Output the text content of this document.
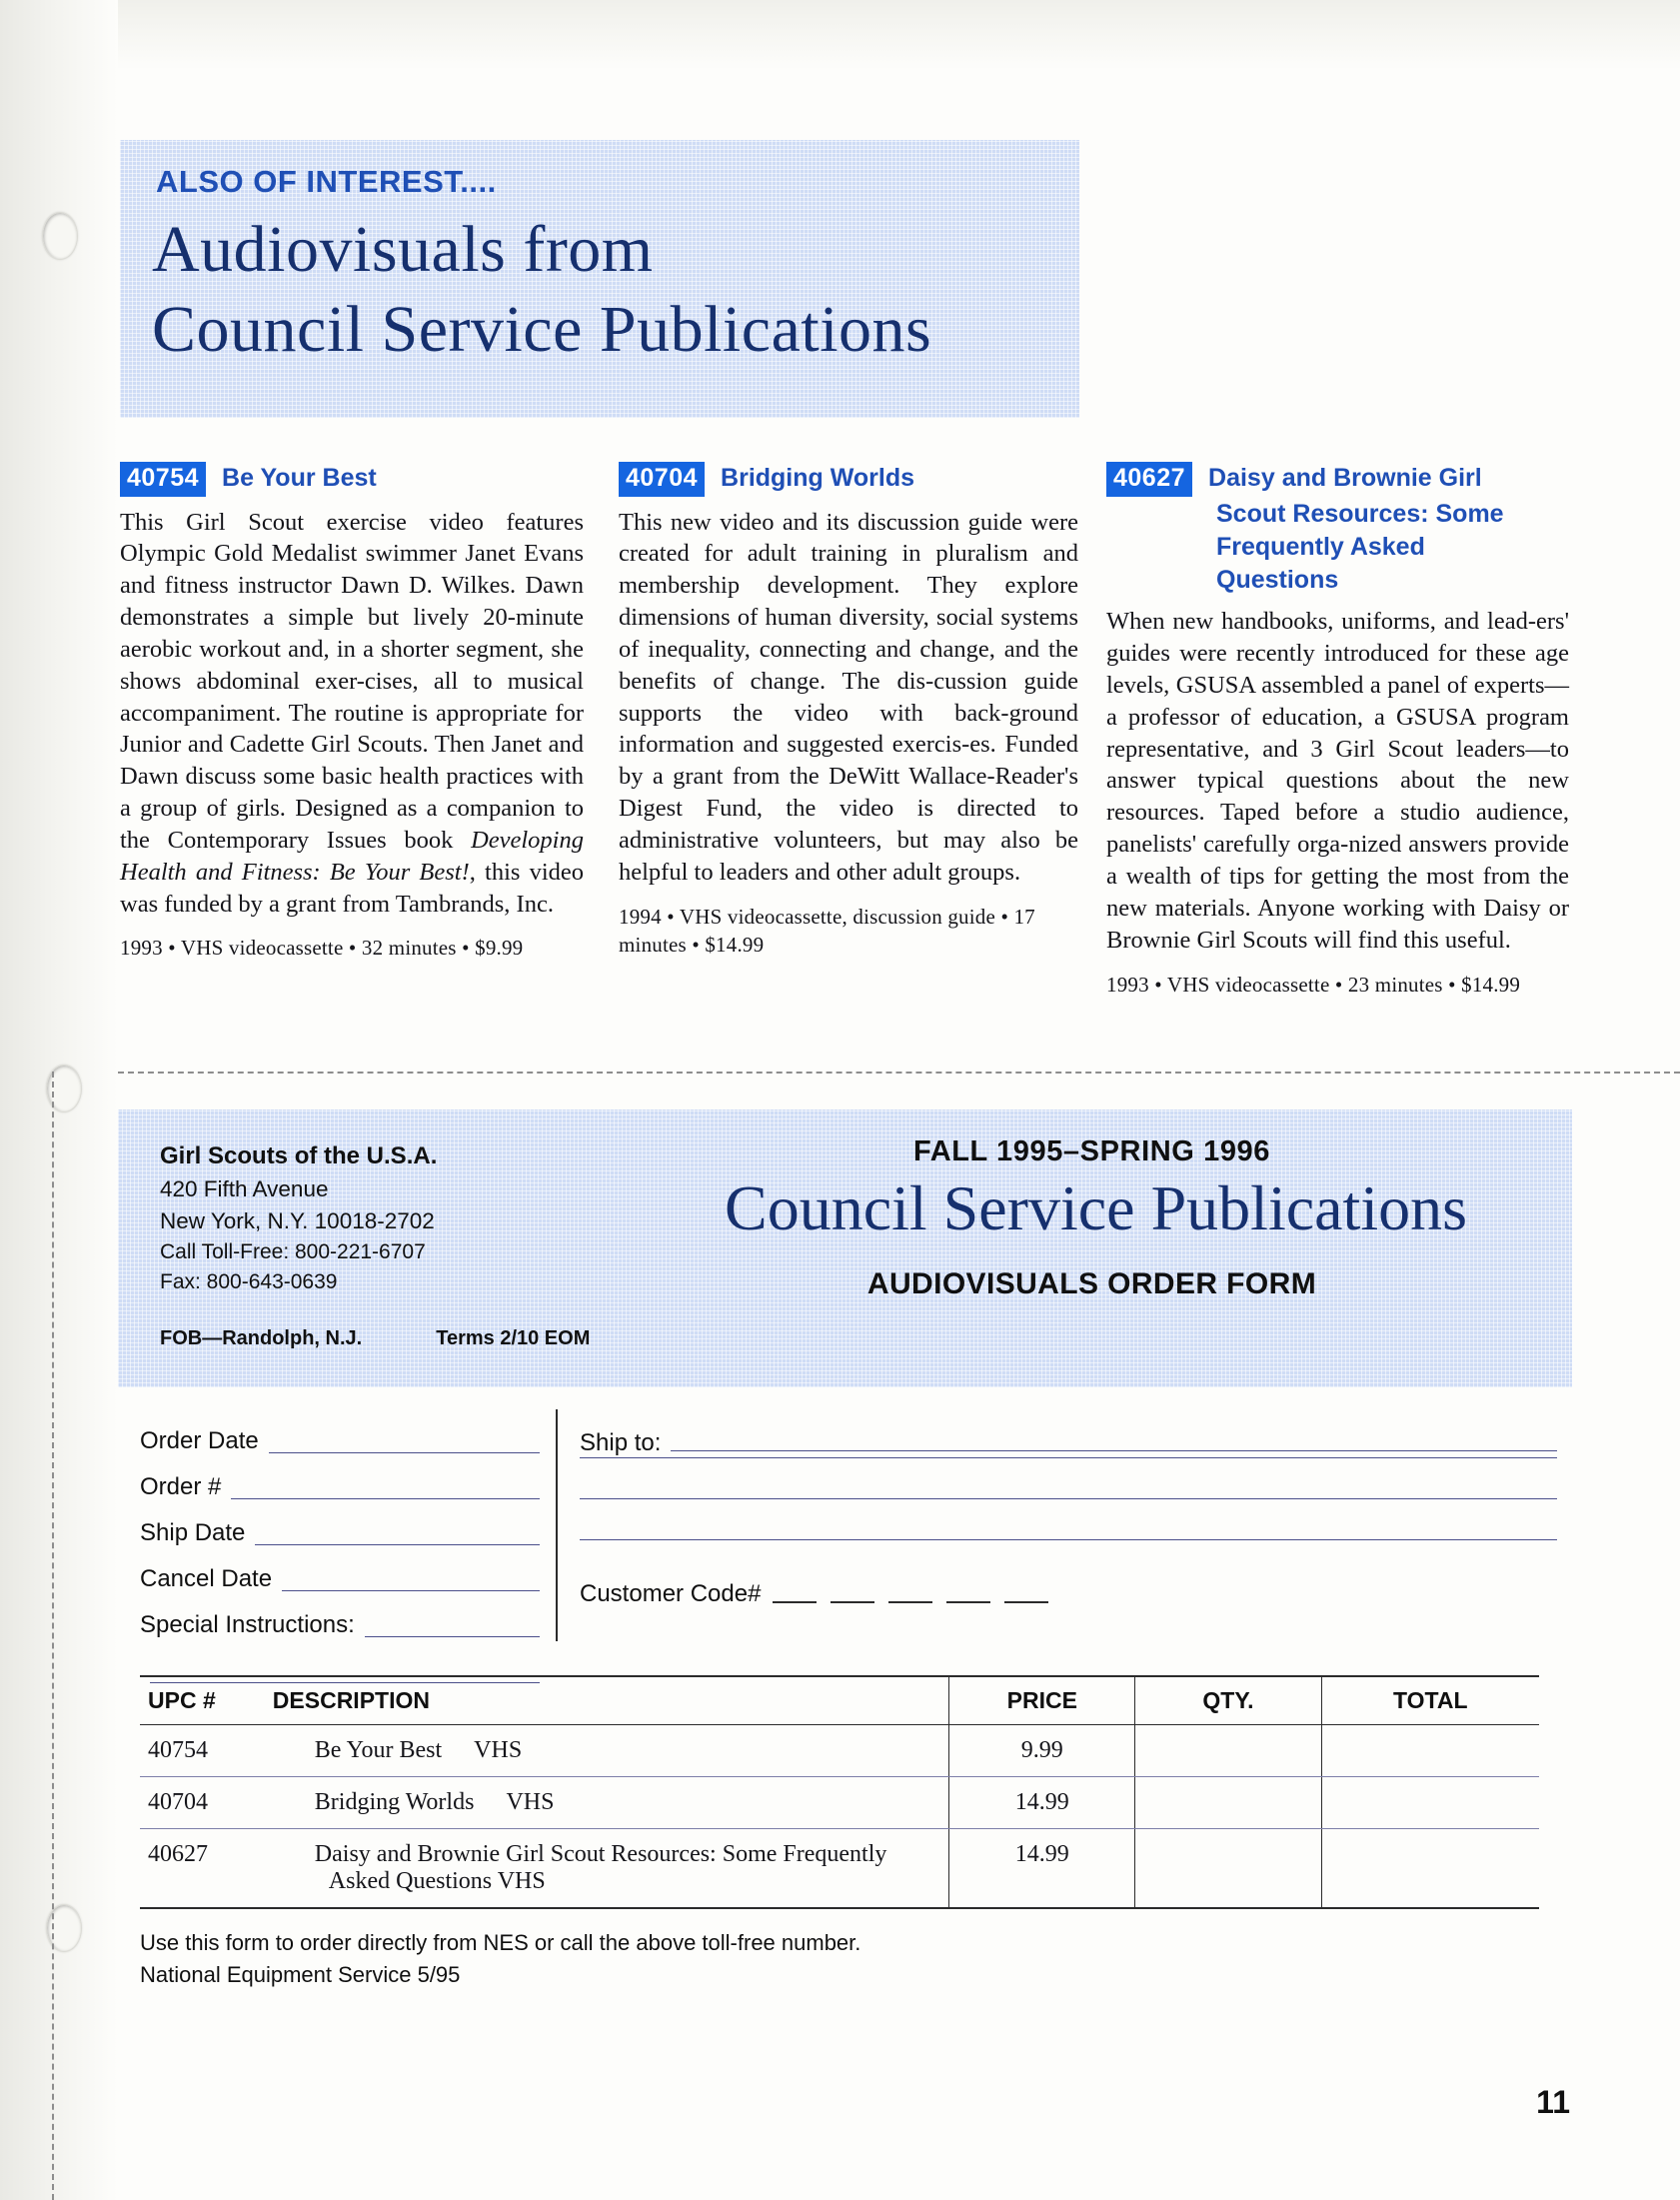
ALSO OF INTEREST....
Audiovisuals from
Council Service Publications
40754 Be Your Best
This Girl Scout exercise video features Olympic Gold Medalist swimmer Janet Evans and fitness instructor Dawn D. Wilkes. Dawn demonstrates a simple but lively 20-minute aerobic workout and, in a shorter segment, she shows abdominal exer-cises, all to musical accompaniment. The routine is appropriate for Junior and Cadette Girl Scouts. Then Janet and Dawn discuss some basic health practices with a group of girls. Designed as a companion to the Contemporary Issues book Developing Health and Fitness: Be Your Best!, this video was funded by a grant from Tambrands, Inc.
1993 • VHS videocassette • 32 minutes • $9.99
40704 Bridging Worlds
This new video and its discussion guide were created for adult training in pluralism and membership development. They explore dimensions of human diversity, social systems of inequality, connecting and change, and the benefits of change. The dis-cussion guide supports the video with back-ground information and suggested exercis-es. Funded by a grant from the DeWitt Wallace-Reader's Digest Fund, the video is directed to administrative volunteers, but may also be helpful to leaders and other adult groups.
1994 • VHS videocassette, discussion guide • 17 minutes • $14.99
40627 Daisy and Brownie Girl
Scout Resources: Some
Frequently Asked
Questions
When new handbooks, uniforms, and lead-ers' guides were recently introduced for these age levels, GSUSA assembled a panel of experts—a professor of education, a GSUSA program representative, and 3 Girl Scout leaders—to answer typical questions about the new resources. Taped before a studio audience, panelists' carefully orga-nized answers provide a wealth of tips for getting the most from the new materials. Anyone working with Daisy or Brownie Girl Scouts will find this useful.
1993 • VHS videocassette • 23 minutes • $14.99
Girl Scouts of the U.S.A.
420 Fifth Avenue
New York, N.Y. 10018-2702
Call Toll-Free: 800-221-6707
Fax: 800-643-0639
FOB—Randolph, N.J.	Terms 2/10 EOM
FALL 1995–SPRING 1996
Council Service Publications
AUDIOVISUALS ORDER FORM
Order Date
Order #
Ship Date
Cancel Date
Special Instructions:
Ship to:
Customer Code#
UPC #	DESCRIPTION	PRICE	QTY.	TOTAL
40754	Be Your Best VHS	9.99		
40704	Bridging Worlds VHS	14.99		
40627	Daisy and Brownie Girl Scout Resources: Some Frequently
Asked Questions VHS	14.99		
Use this form to order directly from NES or call the above toll-free number.
National Equipment Service 5/95
11
